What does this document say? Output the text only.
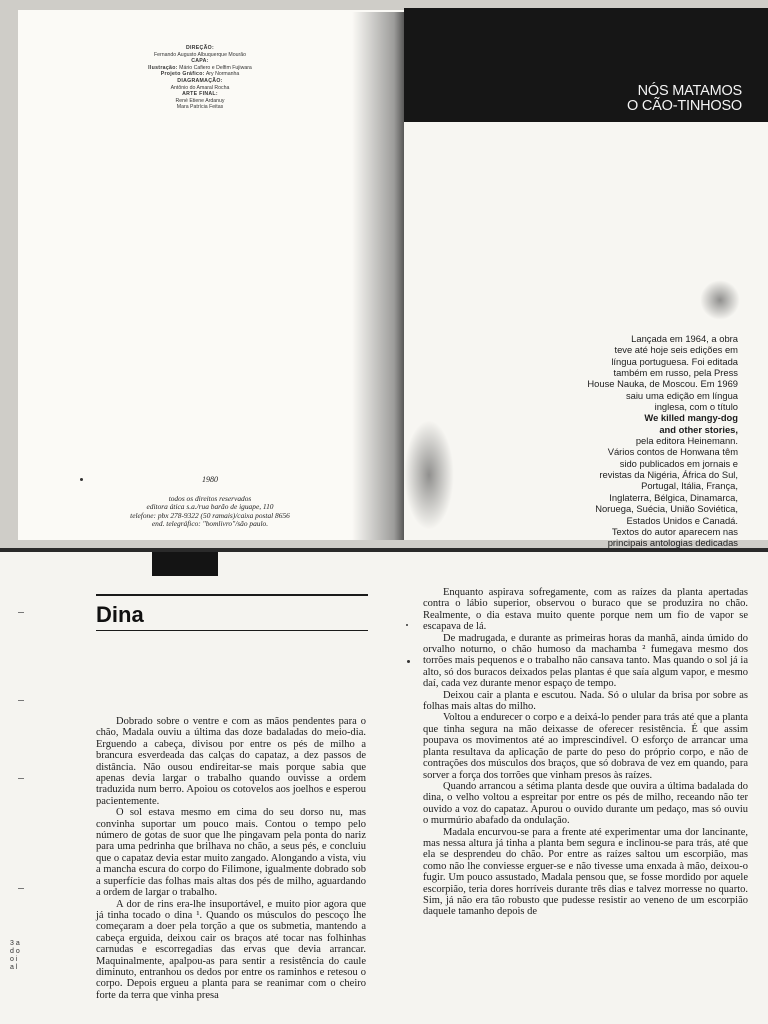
DIREÇÃO:
Fernando Augusto Albuquerque Mourão
CAPA:
Ilustração: Mário Cafiero e Delfim Fujiwara
Projeto Gráfico: Ary Normanha
DIAGRAMAÇÃO:
Antônio do Amaral Rocha
ARTE FINAL:
René Etiene Ardanuy
Mara Patrícia Feitas
1980
todos os direitos reservados
editora ática s.a./rua barão de iguape, 110
telefone: pbx 278-9322 (50 ramais)/caixa postal 8656
end. telegráfico: "bomlivro"/são paulo.
NÓS MATAMOS
O CÃO-TINHOSO
Lançada em 1964, a obra
teve até hoje seis edições em
língua portuguesa. Foi editada
também em russo, pela Press
House Nauka, de Moscou. Em 1969
saiu uma edição em língua
inglesa, com o título
We killed mangy-dog
and other stories,
pela editora Heinemann.
Vários contos de Honwana têm
sido publicados em jornais e
revistas da Nigéria, África do Sul,
Portugal, Itália, França,
Inglaterra, Bélgica, Dinamarca,
Noruega, Suécia, União Soviética,
Estados Unidos e Canadá.
Textos do autor aparecem nas
principais antologias dedicadas
Dina

Dobrado sobre o ventre e com as mãos pendentes para o chão, Madala ouviu a última das doze badaladas do meio-dia. Erguendo a cabeça, divisou por entre os pés de milho a brancura esverdeada das calças do capataz, a dez passos de distância. Não ousou endireitar-se mais porque sabia que apenas devia largar o trabalho quando ouvisse a ordem traduzida num berro. Apoiou os cotovelos aos joelhos e esperou pacientemente.

O sol estava mesmo em cima do seu dorso nu, mas convinha suportar um pouco mais. Contou o tempo pelo número de gotas de suor que lhe pingavam pela ponta do nariz para uma pedrinha que brilhava no chão, a seus pés, e concluiu que o capataz devia estar muito zangado. Alongando a vista, viu a mancha escura do corpo do Filimone, igualmente dobrado sob a superfície das folhas mais altas dos pés de milho, aguardando a ordem de largar o trabalho.

A dor de rins era-lhe insuportável, e muito pior agora que já tinha tocado o dina ¹. Quando os músculos do pescoço lhe começaram a doer pela torção a que os submetia, mantendo a cabeça erguida, deixou cair os braços até tocar nas folhinhas carnudas e escorregadias das ervas que devia arrancar. Maquinalmente, apalpou-as para sentir a resistência do caule diminuto, entranhou os dedos por entre os raminhos e retesou o corpo. Depois ergueu a planta para se reanimar com o cheiro forte da terra que vinha presa

Enquanto aspirava sofregamente, com as raízes da planta apertadas contra o lábio superior, observou o buraco que se produzira no chão. Realmente, o dia estava muito quente porque nem um fio de vapor se escapava de lá.

De madrugada, e durante as primeiras horas da manhã, ainda úmido do orvalho noturno, o chão humoso da machamba ² fumegava mesmo dos torrões mais pequenos e o trabalho não cansava tanto. Mas quando o sol já ia alto, só dos buracos deixados pelas plantas é que saía algum vapor, e mesmo daí, cada vez durante menor espaço de tempo.

Deixou cair a planta e escutou. Nada. Só o ulular da brisa por sobre as folhas mais altas do milho.

Voltou a endurecer o corpo e a deixá-lo pender para trás até que a planta que tinha segura na mão deixasse de oferecer resistência. É que assim poupava os movimentos até ao imprescindível. O esforço de arrancar uma planta resultava da aplicação de parte do peso do próprio corpo, e não de contrações dos músculos dos braços, que só dobrava de vez em quando, para sorver a força dos torrões que vinham presos às raízes.

Quando arrancou a sétima planta desde que ouvira a última badalada do dina, o velho voltou a espreitar por entre os pés de milho, receando não ter ouvido a voz do capataz. Apurou o ouvido durante um pedaço, mas só ouviu o murmúrio abafado da ondulação.

Madala encurvou-se para a frente até experimentar uma dor lancinante, mas nessa altura já tinha a planta bem segura e inclinou-se para trás, até que ela se desprendeu do chão. Por entre as raízes saltou um escorpião, mas como não lhe conviesse erguer-se e não tivesse uma enxada à mão, deixou-o fugir. Um pouco assustado, Madala pensou que, se fosse mordido por aquele escorpião, teria dores horríveis durante três dias e talvez morresse no quarto. Sim, já não era tão robusto que pudesse resistir ao veneno de um escorpião daquele tamanho depois de

3 a d o o i a l
